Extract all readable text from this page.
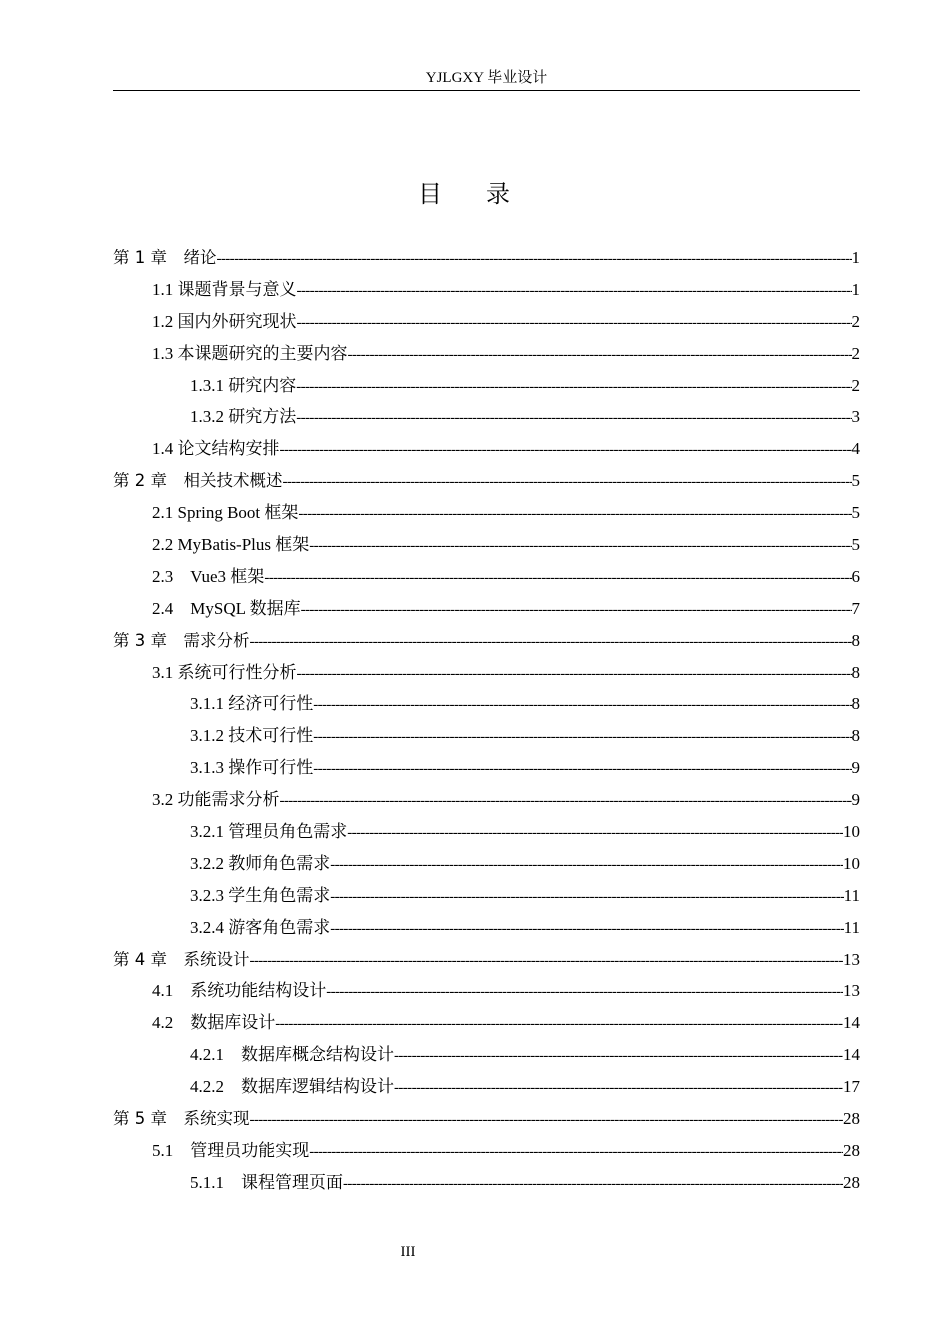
YJLGXY 毕业设计
目录
第 1 章　绪论 -----	1
1.1 课题背景与意义 -----	1
1.2 国内外研究现状 -----	2
1.3 本课题研究的主要内容 -----	2
1.3.1 研究内容 -----	2
1.3.2 研究方法 -----	3
1.4 论文结构安排 -----	4
第 2 章　相关技术概述 -----	5
2.1 Spring Boot 框架 -----	5
2.2 MyBatis-Plus 框架 -----	5
2.3　Vue3 框架 -----	6
2.4　MySQL 数据库 -----	7
第 3 章　需求分析 -----	8
3.1 系统可行性分析 -----	8
3.1.1 经济可行性 -----	8
3.1.2 技术可行性 -----	8
3.1.3 操作可行性 -----	9
3.2 功能需求分析 -----	9
3.2.1 管理员角色需求 -----	10
3.2.2 教师角色需求 -----	10
3.2.3 学生角色需求 -----	11
3.2.4 游客角色需求 -----	11
第 4 章　系统设计 -----	13
4.1　系统功能结构设计 -----	13
4.2　数据库设计 -----	14
4.2.1　数据库概念结构设计 -----	14
4.2.2　数据库逻辑结构设计 -----	17
第 5 章　系统实现 -----	28
5.1　管理员功能实现 -----	28
5.1.1　课程管理页面 -----	28
III
